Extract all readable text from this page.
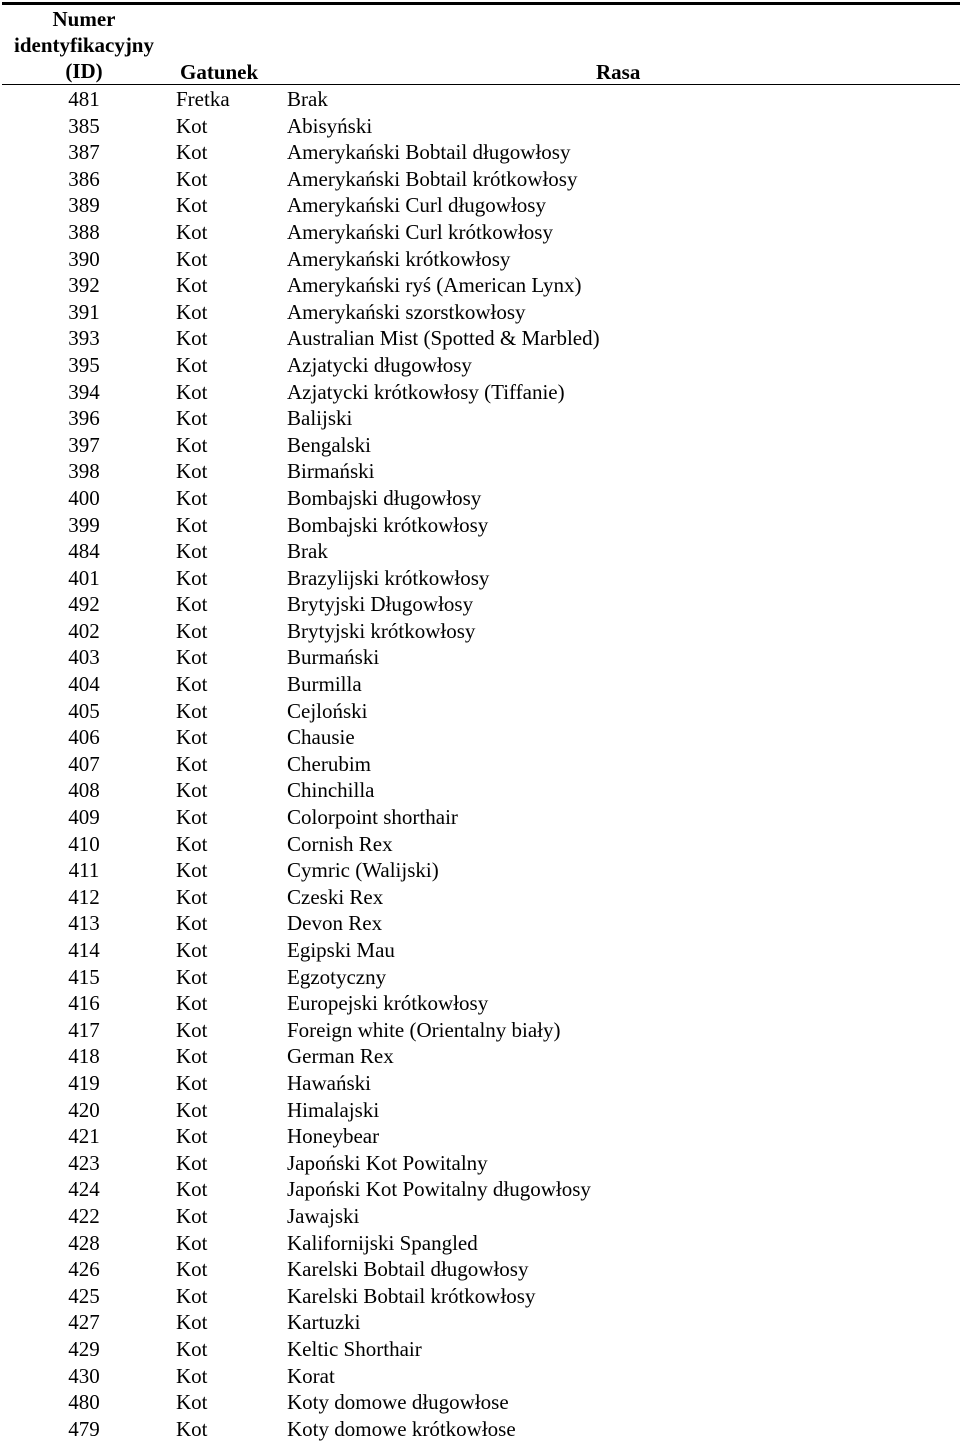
Numer
identyfikacyjny
(ID)	Gatunek	Rasa
481	Fretka	Brak
385	Kot	Abisyński
387	Kot	Amerykański Bobtail długowłosy
386	Kot	Amerykański Bobtail krótkowłosy
389	Kot	Amerykański Curl długowłosy
388	Kot	Amerykański Curl krótkowłosy
390	Kot	Amerykański krótkowłosy
392	Kot	Amerykański ryś (American Lynx)
391	Kot	Amerykański szorstkowłosy
393	Kot	Australian Mist (Spotted & Marbled)
395	Kot	Azjatycki długowłosy
394	Kot	Azjatycki krótkowłosy (Tiffanie)
396	Kot	Balijski
397	Kot	Bengalski
398	Kot	Birmański
400	Kot	Bombajski długowłosy
399	Kot	Bombajski krótkowłosy
484	Kot	Brak
401	Kot	Brazylijski krótkowłosy
492	Kot	Brytyjski Długowłosy
402	Kot	Brytyjski krótkowłosy
403	Kot	Burmański
404	Kot	Burmilla
405	Kot	Cejloński
406	Kot	Chausie
407	Kot	Cherubim
408	Kot	Chinchilla
409	Kot	Colorpoint shorthair
410	Kot	Cornish Rex
411	Kot	Cymric (Walijski)
412	Kot	Czeski Rex
413	Kot	Devon Rex
414	Kot	Egipski Mau
415	Kot	Egzotyczny
416	Kot	Europejski krótkowłosy
417	Kot	Foreign white (Orientalny biały)
418	Kot	German Rex
419	Kot	Hawański
420	Kot	Himalajski
421	Kot	Honeybear
423	Kot	Japoński Kot Powitalny
424	Kot	Japoński Kot Powitalny długowłosy
422	Kot	Jawajski
428	Kot	Kalifornijski Spangled
426	Kot	Karelski Bobtail długowłosy
425	Kot	Karelski Bobtail krótkowłosy
427	Kot	Kartuzki
429	Kot	Keltic Shorthair
430	Kot	Korat
480	Kot	Koty domowe długowłose
479	Kot	Koty domowe krótkowłose
